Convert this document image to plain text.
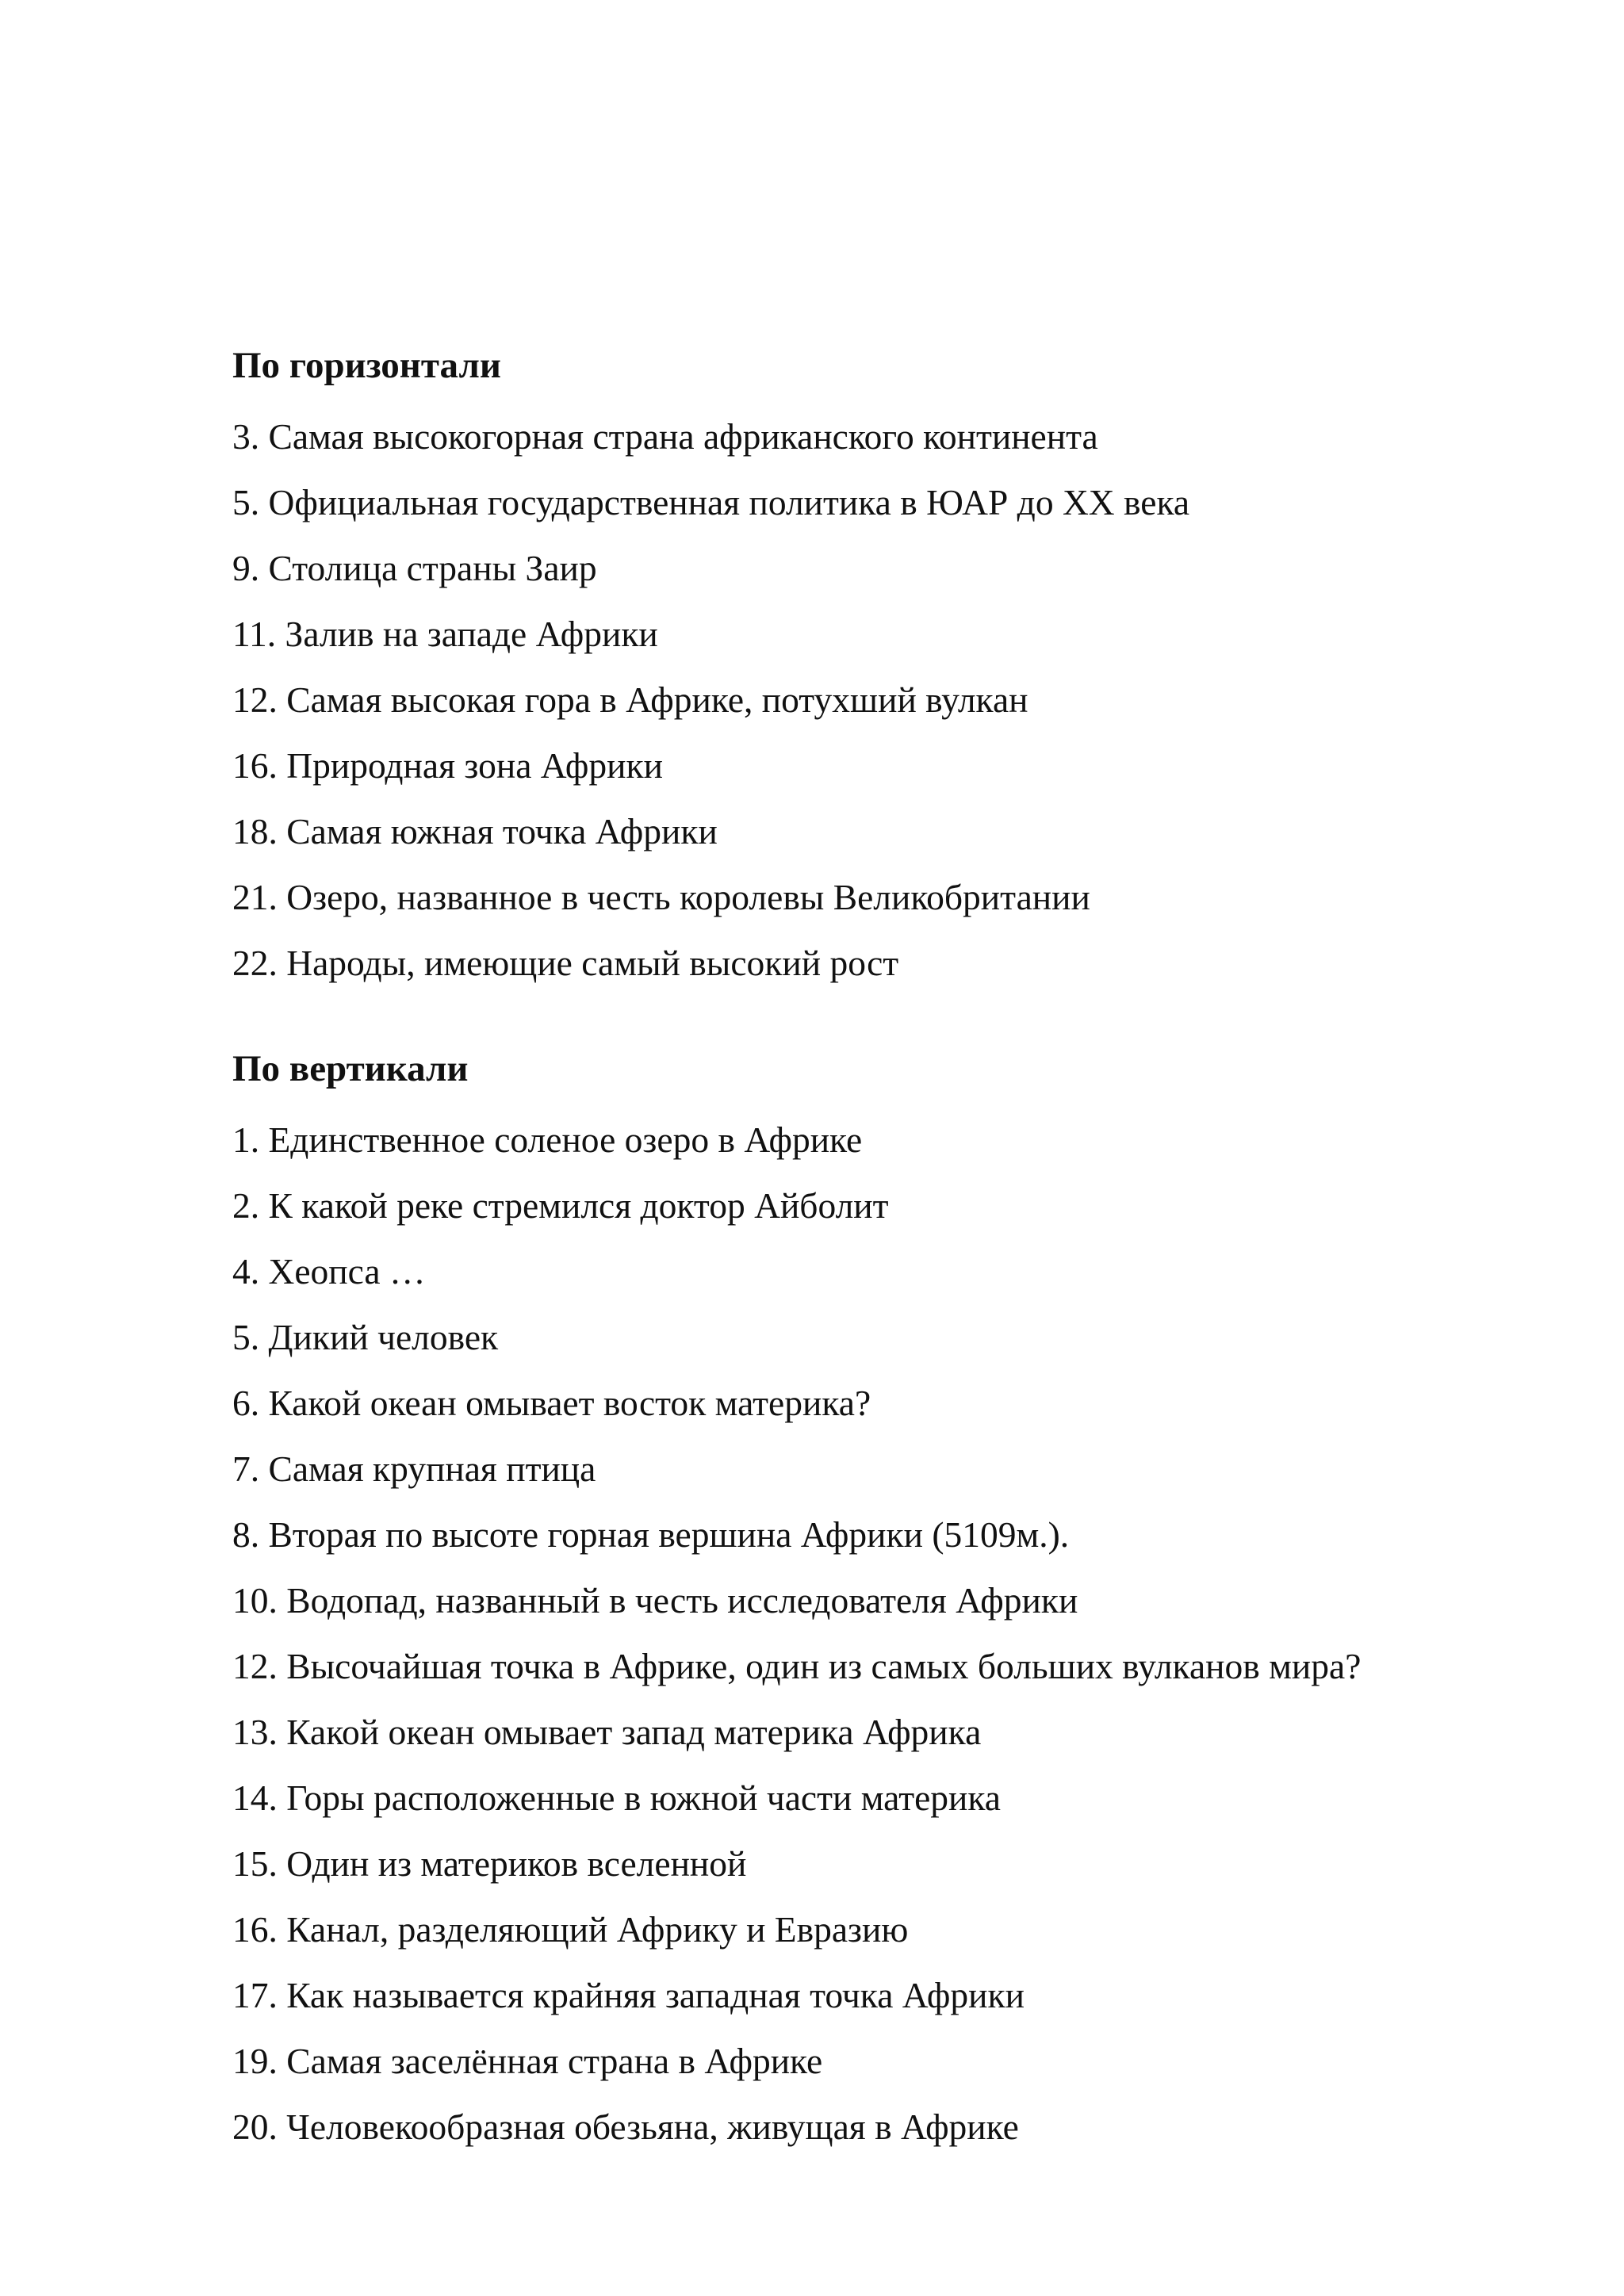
По горизонтали
3. Самая высокогорная страна африканского континента
5. Официальная государственная политика в ЮАР до XX века
9. Столица страны Заир
11. Залив на западе Африки
12. Самая высокая гора в Африке, потухший вулкан
16. Природная зона Африки
18. Самая южная точка Африки
21. Озеро, названное в честь королевы Великобритании
22. Народы, имеющие самый высокий рост
По вертикали
1. Единственное соленое озеро в Африке
2. К какой реке стремился доктор Айболит
4. Хеопса …
5. Дикий человек
6. Какой океан омывает восток материка?
7. Самая крупная птица
8. Вторая по высоте горная вершина Африки (5109м.).
10. Водопад, названный в честь исследователя Африки
12. Высочайшая точка в Африке, один из самых больших вулканов мира?
13. Какой океан омывает запад материка Африка
14. Горы расположенные в южной части материка
15. Один из материков вселенной
16. Канал, разделяющий Африку и Евразию
17. Как называется крайняя западная точка Африки
19. Самая заселённая страна в Африке
20. Человекообразная обезьяна, живущая в Африке
